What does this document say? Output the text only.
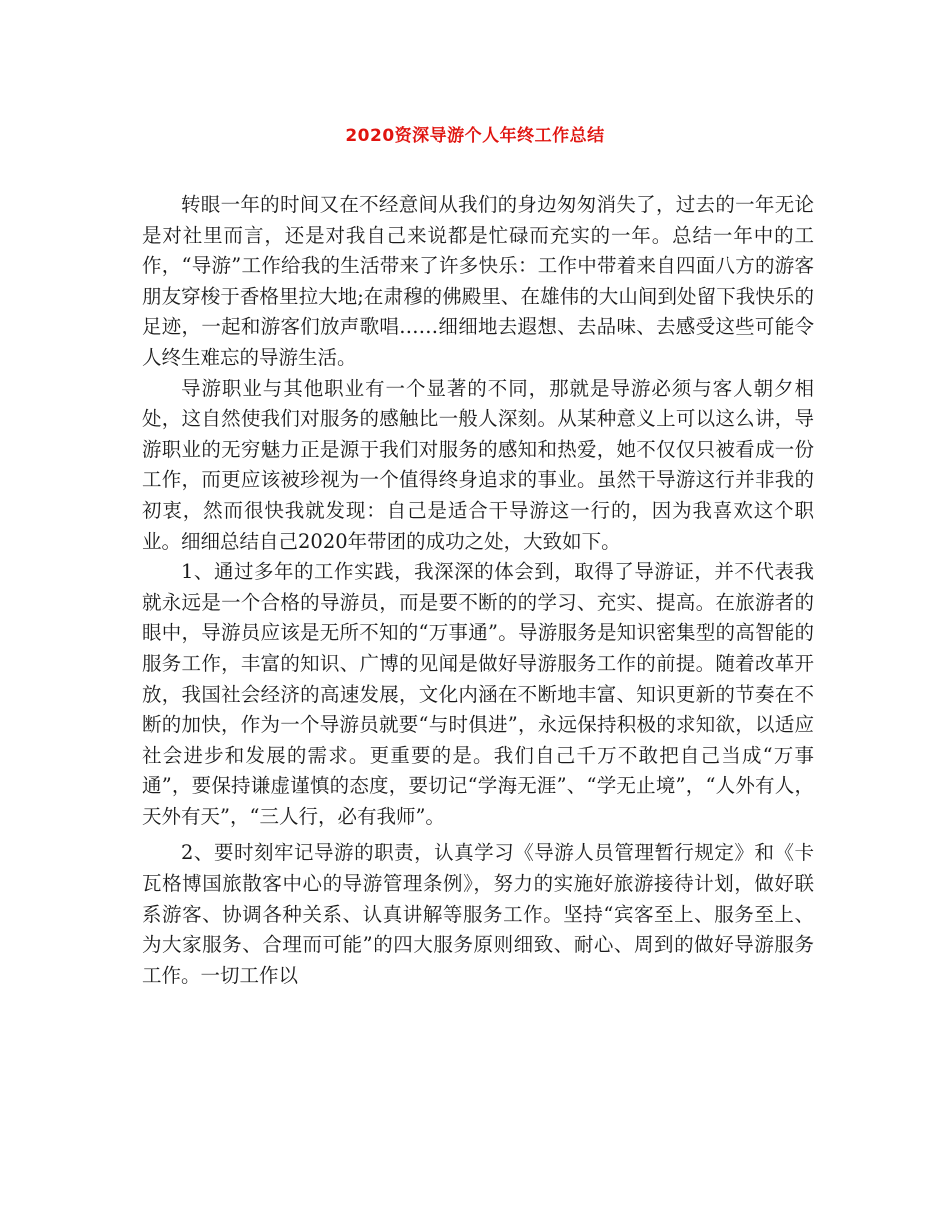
2020资深导游个人年终工作总结

转眼一年的时间又在不经意间从我们的身边匆匆消失了，过去的一年无论是对社里而言，还是对我自己来说都是忙碌而充实的一年。总结一年中的工作，“导游”工作给我的生活带来了许多快乐：工作中带着来自四面八方的游客朋友穿梭于香格里拉大地;在肃穆的佛殿里、在雄伟的大山间到处留下我快乐的足迹，一起和游客们放声歌唱……细细地去遐想、去品味、去感受这些可能令人终生难忘的导游生活。

导游职业与其他职业有一个显著的不同，那就是导游必须与客人朝夕相处，这自然使我们对服务的感触比一般人深刻。从某种意义上可以这么讲，导游职业的无穷魅力正是源于我们对服务的感知和热爱，她不仅仅只被看成一份工作，而更应该被珍视为一个值得终身追求的事业。虽然干导游这行并非我的初衷，然而很快我就发现：自己是适合干导游这一行的，因为我喜欢这个职业。细细总结自己2020年带团的成功之处，大致如下。

1、通过多年的工作实践，我深深的体会到，取得了导游证，并不代表我就永远是一个合格的导游员，而是要不断的的学习、充实、提高。在旅游者的眼中，导游员应该是无所不知的“万事通”。导游服务是知识密集型的高智能的服务工作，丰富的知识、广博的见闻是做好导游服务工作的前提。随着改革开放，我国社会经济的高速发展，文化内涵在不断地丰富、知识更新的节奏在不断的加快，作为一个导游员就要“与时俱进”，永远保持积极的求知欲，以适应社会进步和发展的需求。更重要的是。我们自己千万不敢把自己当成“万事通”，要保持谦虚谨慎的态度，要切记“学海无涯”、“学无止境”，“人外有人，天外有天”，“三人行，必有我师”。

2、要时刻牢记导游的职责，认真学习《导游人员管理暂行规定》和《卡瓦格博国旅散客中心的导游管理条例》，努力的实施好旅游接待计划，做好联系游客、协调各种关系、认真讲解等服务工作。坚持“宾客至上、服务至上、为大家服务、合理而可能”的四大服务原则细致、耐心、周到的做好导游服务工作。一切工作以
